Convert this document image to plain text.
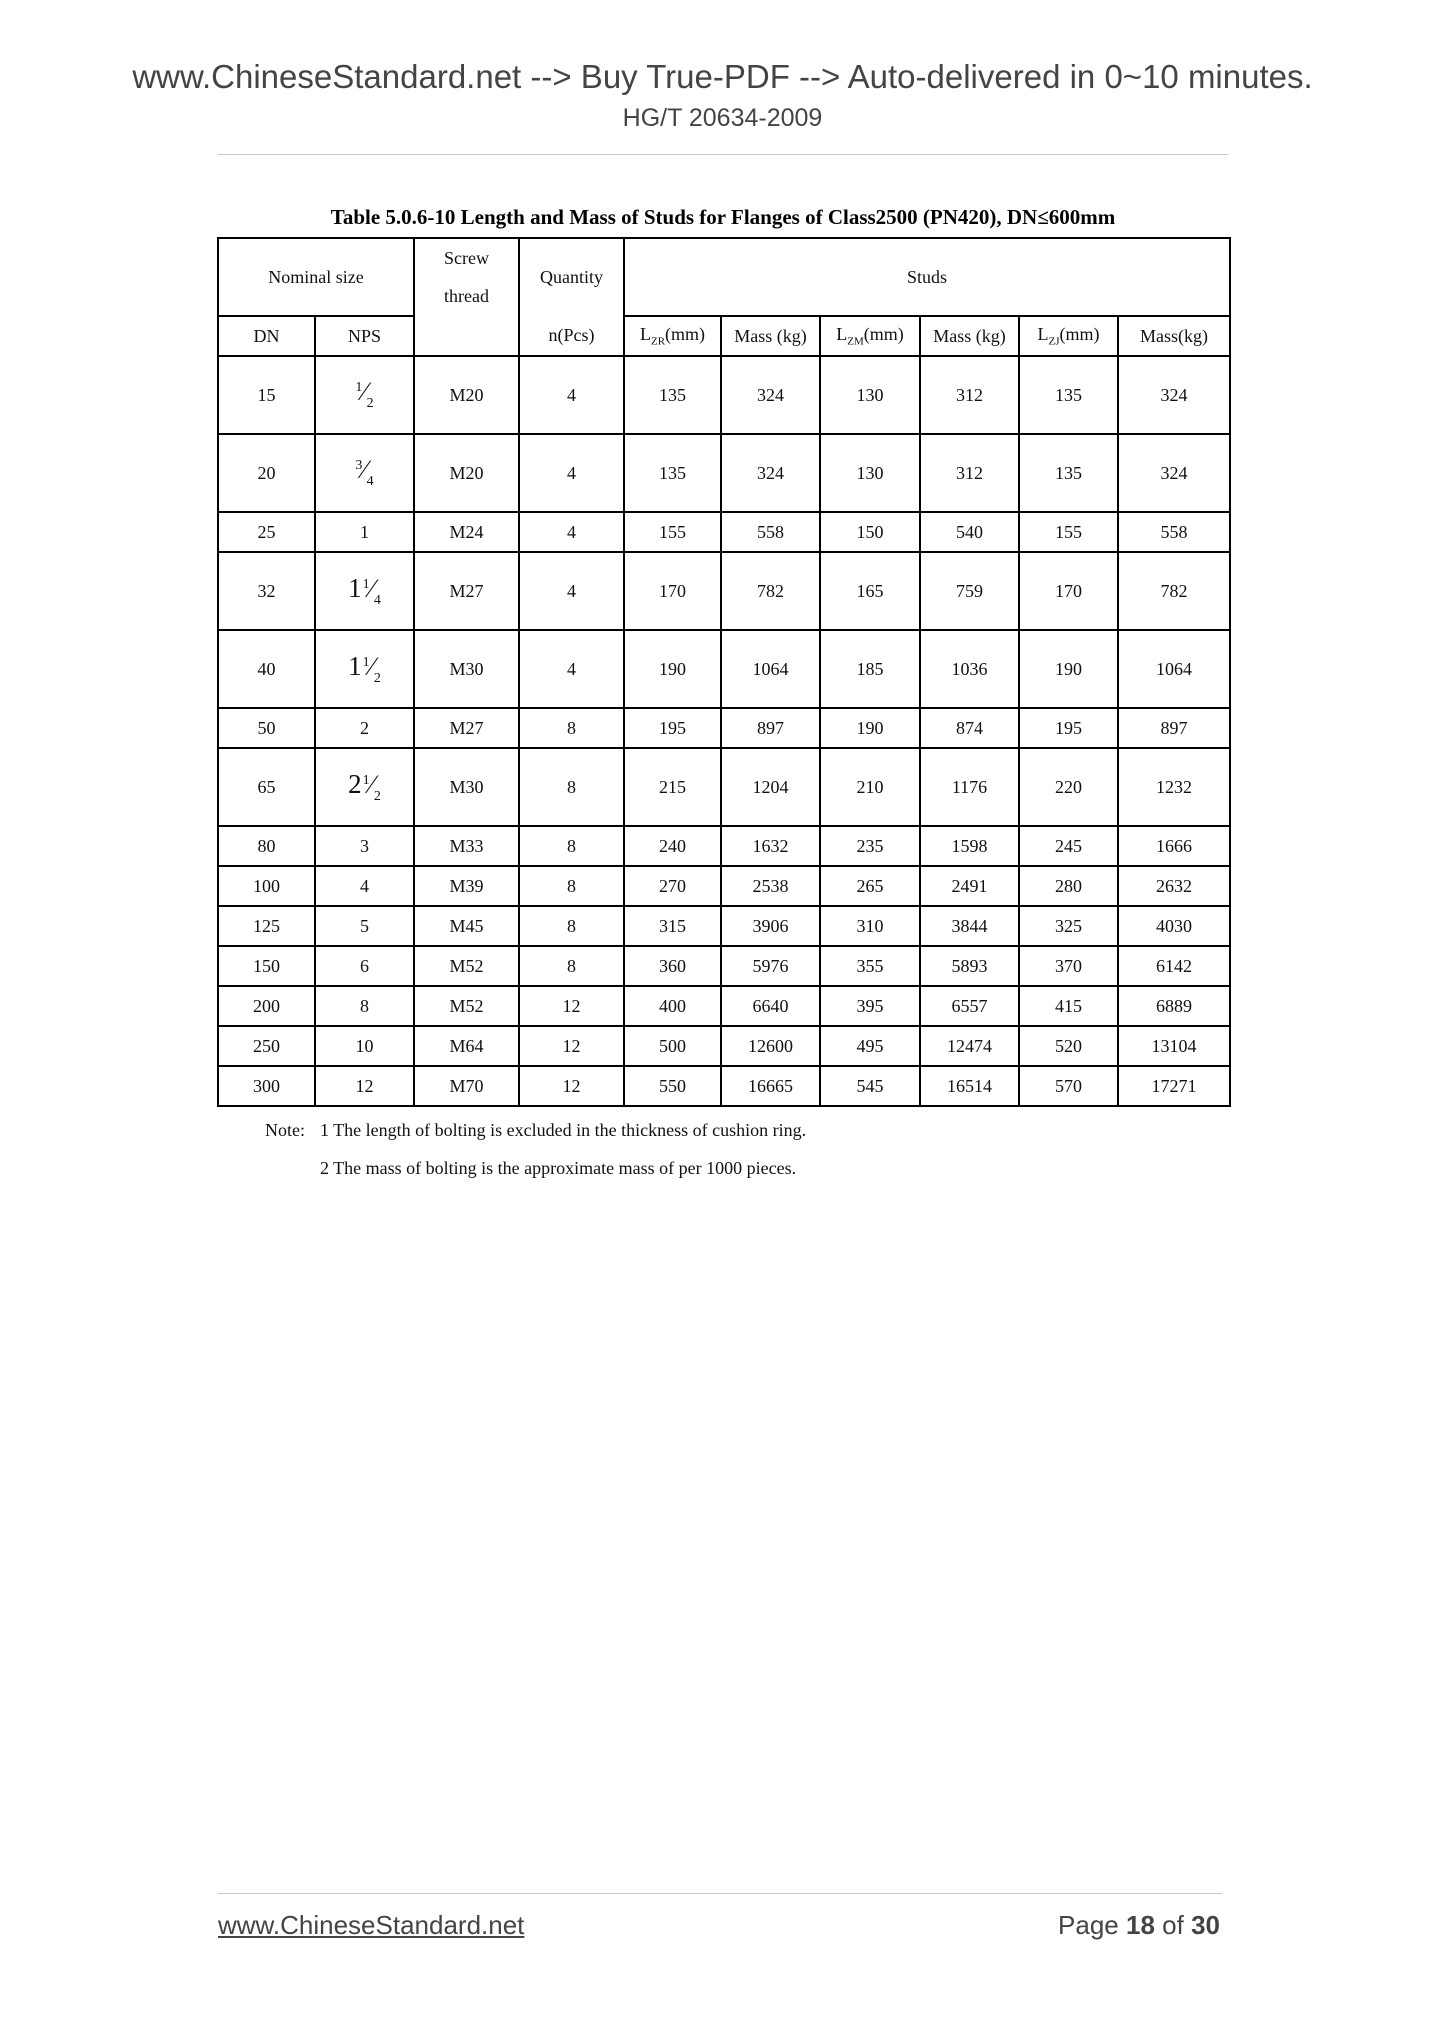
www.ChineseStandard.net --> Buy True-PDF --> Auto-delivered in 0~10 minutes.
HG/T 20634-2009
Table 5.0.6-10 Length and Mass of Studs for Flanges of Class2500 (PN420), DN≤600mm
Nominal size		Screw
thread	Quantity	Studs					
DN	NPS		n(Pcs)	$L_{ZR}(mm)$	Mass (kg)	$L_{ZM}(mm)$	Mass (kg)	$L_{ZJ}(mm)$	Mass(kg)
15	$^1⁄_2$	M20	4	135	324	130	312	135	324
20	$^3⁄_4$	M20	4	135	324	130	312	135	324
25	1	M24	4	155	558	150	540	155	558
32	$1^1⁄_4$	M27	4	170	782	165	759	170	782
40	$1^1⁄_2$	M30	4	190	1064	185	1036	190	1064
50	2	M27	8	195	897	190	874	195	897
65	$2^1⁄_2$	M30	8	215	1204	210	1176	220	1232
80	3	M33	8	240	1632	235	1598	245	1666
100	4	M39	8	270	2538	265	2491	280	2632
125	5	M45	8	315	3906	310	3844	325	4030
150	6	M52	8	360	5976	355	5893	370	6142
200	8	M52	12	400	6640	395	6557	415	6889
250	10	M64	12	500	12600	495	12474	520	13104
300	12	M70	12	550	16665	545	16514	570	17271
Note: 1 The length of bolting is excluded in the thickness of cushion ring.
2 The mass of bolting is the approximate mass of per 1000 pieces.
www.ChineseStandard.net	Page 18 of 30
